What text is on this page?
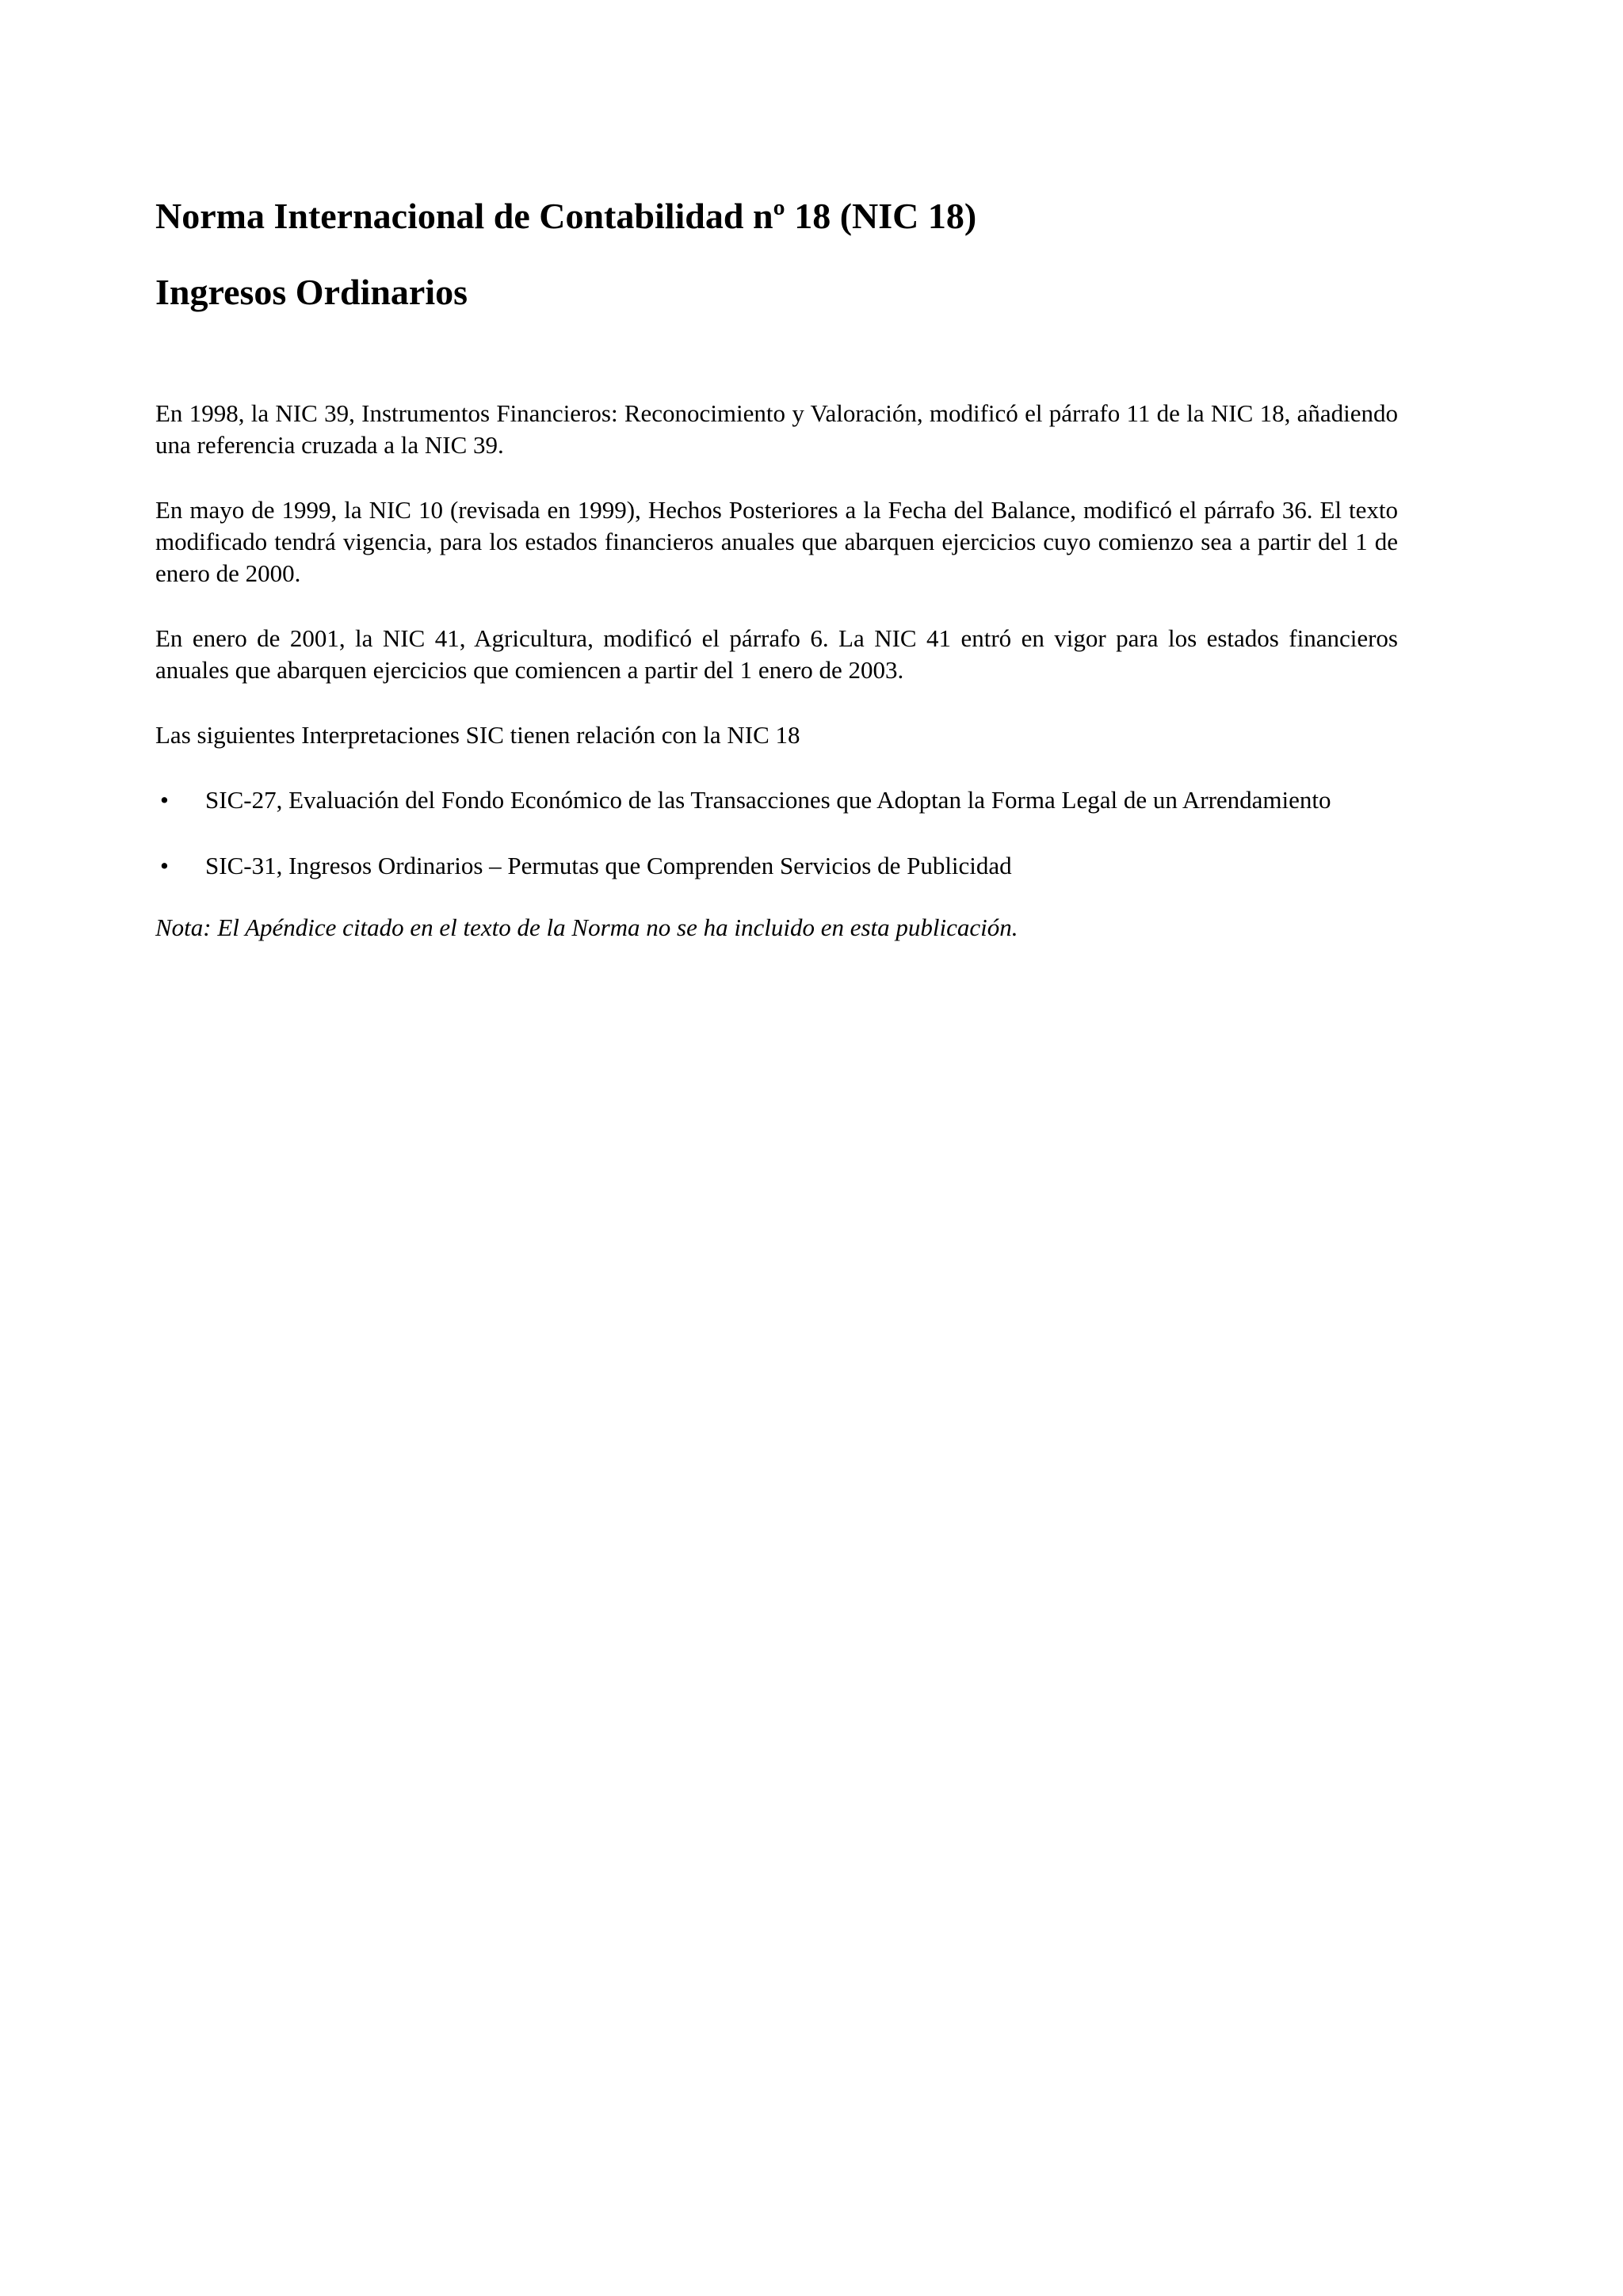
Norma Internacional de Contabilidad nº 18 (NIC 18)
Ingresos Ordinarios

En 1998, la NIC 39, Instrumentos Financieros: Reconocimiento y Valoración, modificó el párrafo 11 de la NIC 18, añadiendo una referencia cruzada a la NIC 39.

En mayo de 1999, la NIC 10 (revisada en 1999), Hechos Posteriores a la Fecha del Balance, modificó el párrafo 36. El texto modificado tendrá vigencia, para los estados financieros anuales que abarquen ejercicios cuyo comienzo sea a partir del 1 de enero de 2000.

En enero de 2001, la NIC 41, Agricultura, modificó el párrafo 6. La NIC 41 entró en vigor para los estados financieros anuales que abarquen ejercicios que comiencen a partir del 1 enero de 2003.

Las siguientes Interpretaciones SIC tienen relación con la NIC 18

• SIC-27, Evaluación del Fondo Económico de las Transacciones que Adoptan la Forma Legal de un Arrendamiento
• SIC-31, Ingresos Ordinarios – Permutas que Comprenden Servicios de Publicidad

Nota: El Apéndice citado en el texto de la Norma no se ha incluido en esta publicación.
